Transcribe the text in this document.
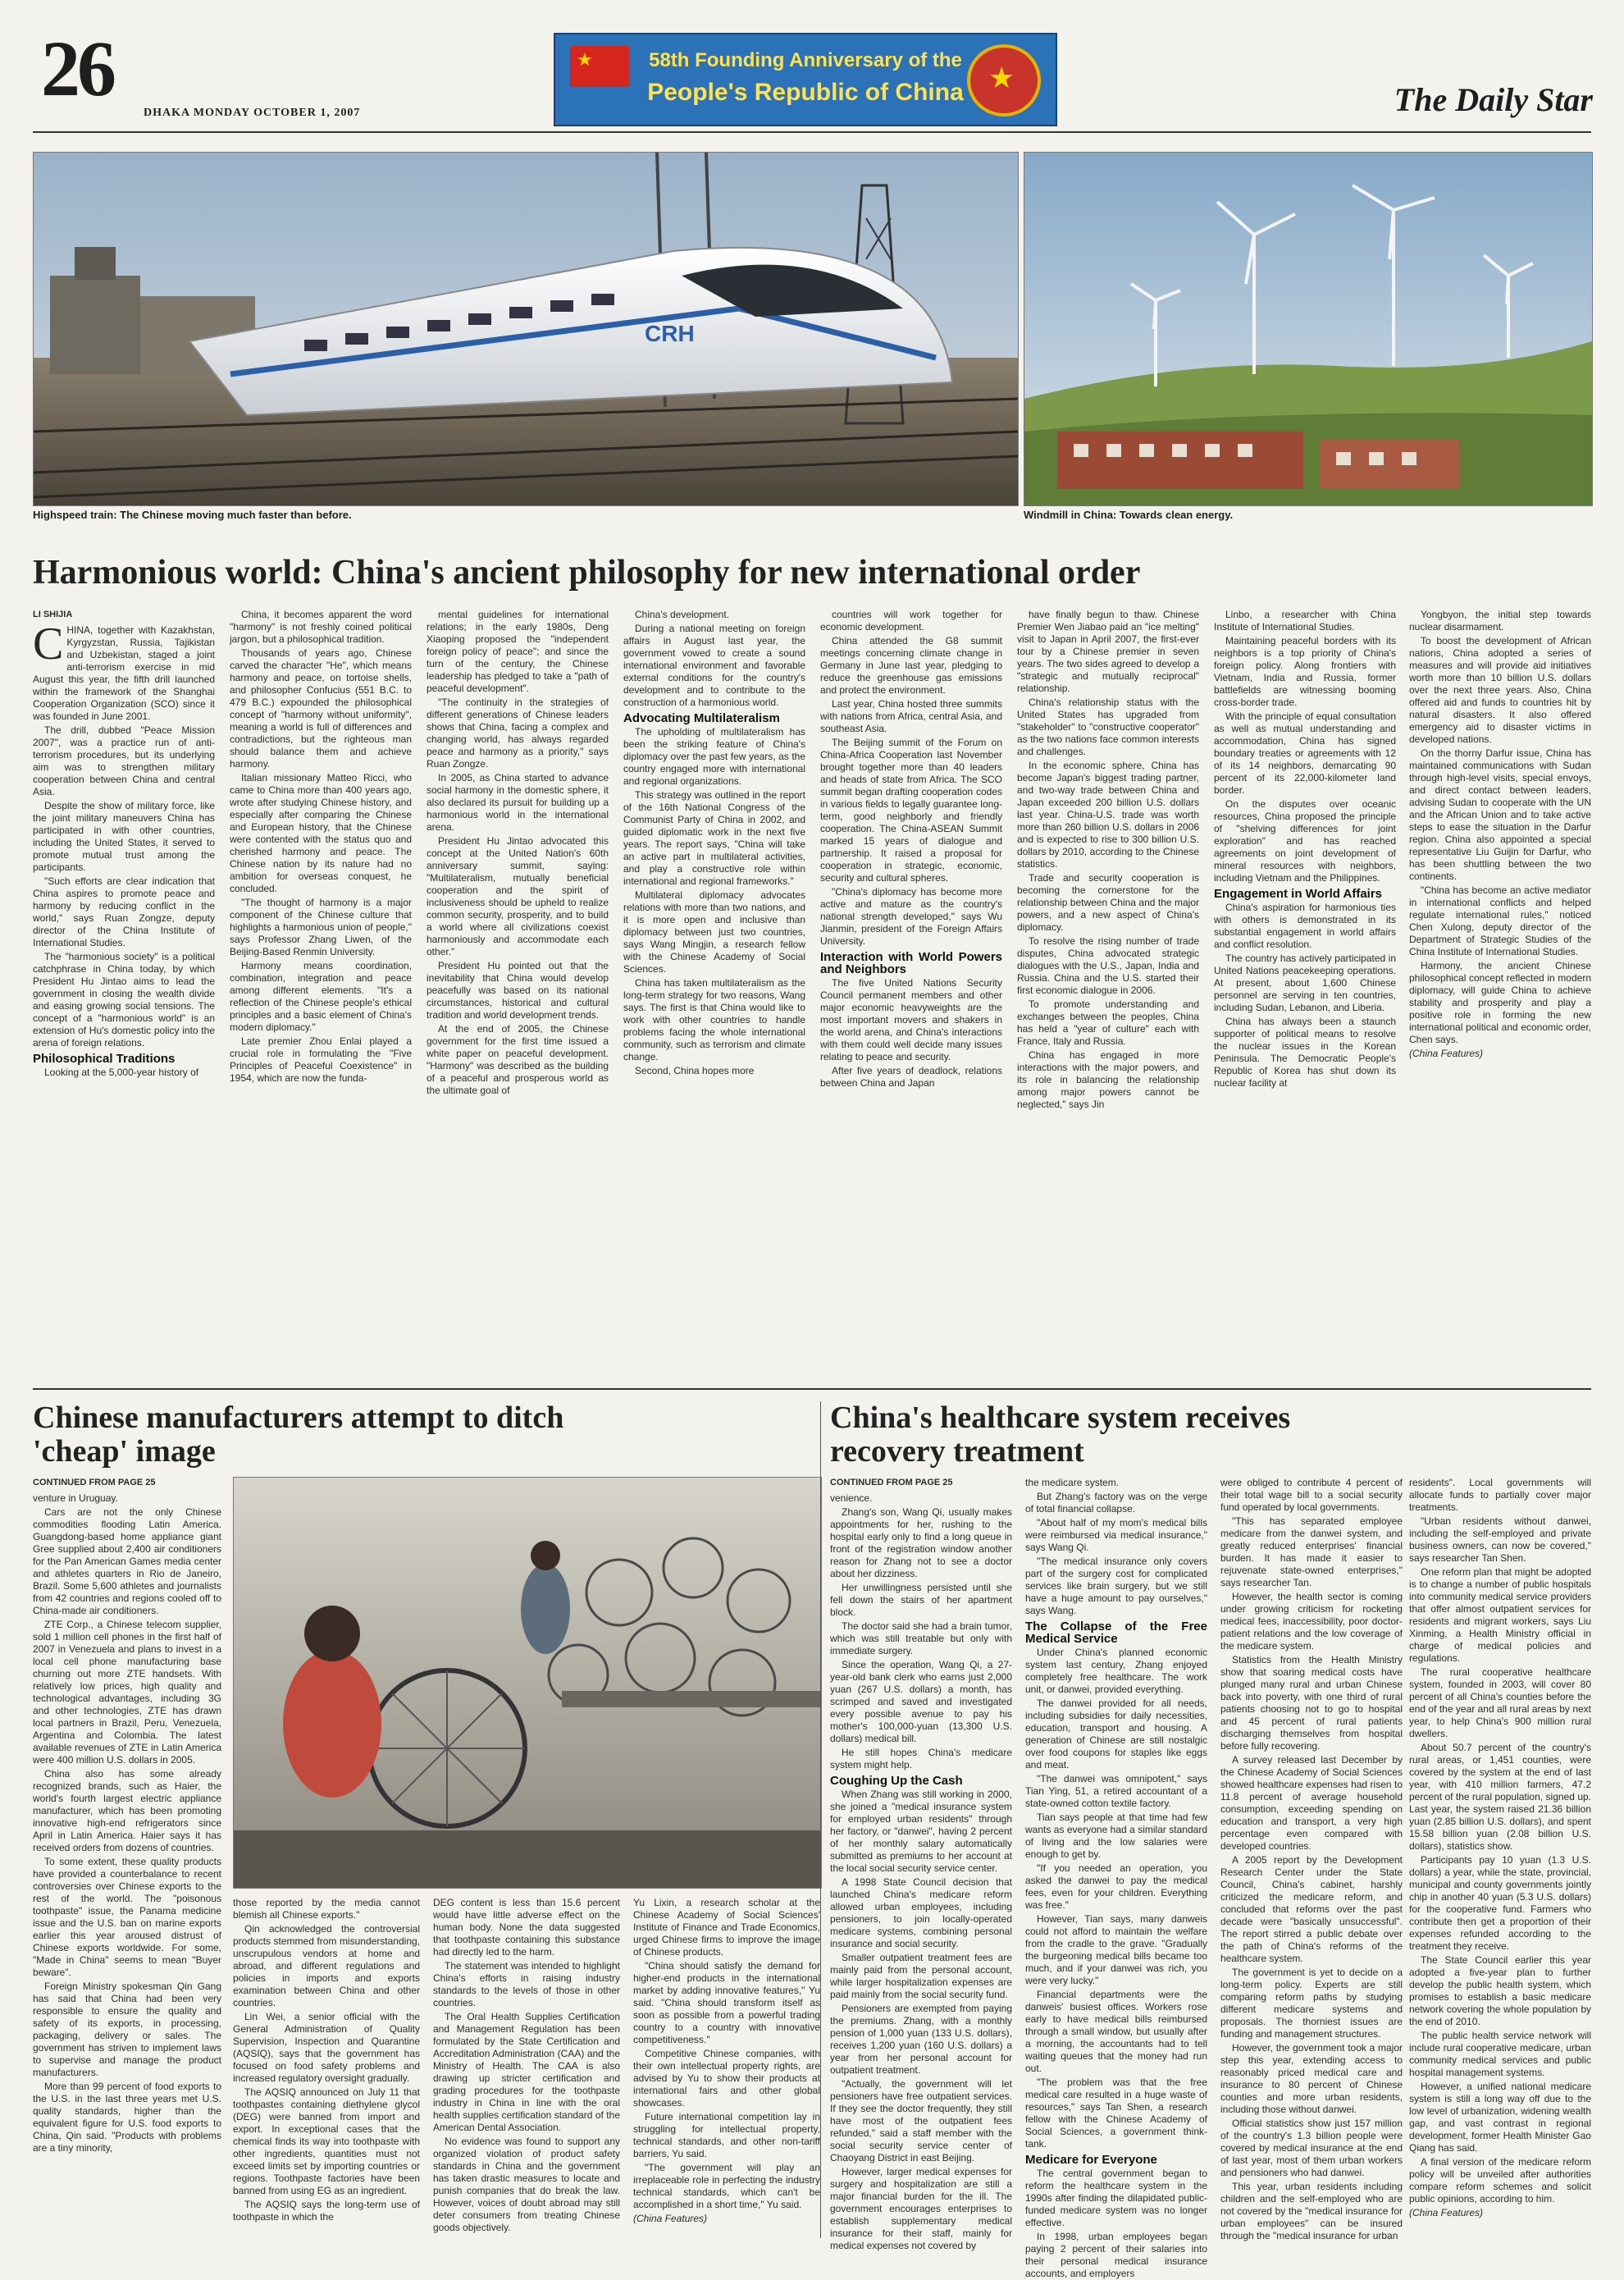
26
DHAKA MONDAY OCTOBER 1, 2007
★	58th Founding Anniversary of the
People's Republic of China ★
The Daily Star
CRH
Highspeed train: The Chinese moving much faster than before.	Windmill in China: Towards clean energy.
Harmonious world: China's ancient philosophy for new international order

LI SHIJIA

CHINA, together with Kazakhstan, Kyrgyzstan, Russia, Tajikistan and Uzbekistan, staged a joint anti-terrorism exercise in mid August this year, the fifth drill launched within the framework of the Shanghai Cooperation Organization (SCO) since it was founded in June 2001.

The drill, dubbed "Peace Mission 2007", was a practice run of anti-terrorism procedures, but its underlying aim was to strengthen military cooperation between China and central Asia.

Despite the show of military force, like the joint military maneuvers China has participated in with other countries, including the United States, it served to promote mutual trust among the participants.

"Such efforts are clear indication that China aspires to promote peace and harmony by reducing conflict in the world," says Ruan Zongze, deputy director of the China Institute of International Studies.

The "harmonious society" is a political catchphrase in China today, by which President Hu Jintao aims to lead the government in closing the wealth divide and easing growing social tensions. The concept of a "harmonious world" is an extension of Hu's domestic policy into the arena of foreign relations.

Philosophical Traditions

Looking at the 5,000-year history of

China, it becomes apparent the word "harmony" is not freshly coined political jargon, but a philosophical tradition.

Thousands of years ago, Chinese carved the character "He", which means harmony and peace, on tortoise shells, and philosopher Confucius (551 B.C. to 479 B.C.) expounded the philosophical concept of "harmony without uniformity", meaning a world is full of differences and contradictions, but the righteous man should balance them and achieve harmony.

Italian missionary Matteo Ricci, who came to China more than 400 years ago, wrote after studying Chinese history, and especially after comparing the Chinese and European history, that the Chinese were contented with the status quo and cherished harmony and peace. The Chinese nation by its nature had no ambition for overseas conquest, he concluded.

"The thought of harmony is a major component of the Chinese culture that highlights a harmonious union of people," says Professor Zhang Liwen, of the Beijing-Based Renmin University.

Harmony means coordination, combination, integration and peace among different elements. "It's a reflection of the Chinese people's ethical principles and a basic element of China's modern diplomacy."

Late premier Zhou Enlai played a crucial role in formulating the "Five Principles of Peaceful Coexistence" in 1954, which are now the funda-

mental guidelines for international relations; in the early 1980s, Deng Xiaoping proposed the "independent foreign policy of peace"; and since the turn of the century, the Chinese leadership has pledged to take a "path of peaceful development".

"The continuity in the strategies of different generations of Chinese leaders shows that China, facing a complex and changing world, has always regarded peace and harmony as a priority," says Ruan Zongze.

In 2005, as China started to advance social harmony in the domestic sphere, it also declared its pursuit for building up a harmonious world in the international arena.

President Hu Jintao advocated this concept at the United Nation's 60th anniversary summit, saying: "Multilateralism, mutually beneficial cooperation and the spirit of inclusiveness should be upheld to realize common security, prosperity, and to build a world where all civilizations coexist harmoniously and accommodate each other."

President Hu pointed out that the inevitability that China would develop peacefully was based on its national circumstances, historical and cultural tradition and world development trends.

At the end of 2005, the Chinese government for the first time issued a white paper on peaceful development. "Harmony" was described as the building of a peaceful and prosperous world as the ultimate goal of

China's development.

During a national meeting on foreign affairs in August last year, the government vowed to create a sound international environment and favorable external conditions for the country's development and to contribute to the construction of a harmonious world.

Advocating Multilateralism

The upholding of multilateralism has been the striking feature of China's diplomacy over the past few years, as the country engaged more with international and regional organizations.

This strategy was outlined in the report of the 16th National Congress of the Communist Party of China in 2002, and guided diplomatic work in the next five years. The report says, "China will take an active part in multilateral activities, and play a constructive role within international and regional frameworks."

Multilateral diplomacy advocates relations with more than two nations, and it is more open and inclusive than diplomacy between just two countries, says Wang Mingjin, a research fellow with the Chinese Academy of Social Sciences.

China has taken multilateralism as the long-term strategy for two reasons, Wang says. The first is that China would like to work with other countries to handle problems facing the whole international community, such as terrorism and climate change.

Second, China hopes more

countries will work together for economic development.

China attended the G8 summit meetings concerning climate change in Germany in June last year, pledging to reduce the greenhouse gas emissions and protect the environment.

Last year, China hosted three summits with nations from Africa, central Asia, and southeast Asia.

The Beijing summit of the Forum on China-Africa Cooperation last November brought together more than 40 leaders and heads of state from Africa. The SCO summit began drafting cooperation codes in various fields to legally guarantee long-term, good neighborly and friendly cooperation. The China-ASEAN Summit marked 15 years of dialogue and partnership. It raised a proposal for cooperation in strategic, economic, security and cultural spheres.

"China's diplomacy has become more active and mature as the country's national strength developed," says Wu Jianmin, president of the Foreign Affairs University.

Interaction with World Powers and Neighbors

The five United Nations Security Council permanent members and other major economic heavyweights are the most important movers and shakers in the world arena, and China's interactions with them could well decide many issues relating to peace and security.

After five years of deadlock, relations between China and Japan

have finally begun to thaw. Chinese Premier Wen Jiabao paid an "ice melting" visit to Japan in April 2007, the first-ever tour by a Chinese premier in seven years. The two sides agreed to develop a "strategic and mutually reciprocal" relationship.

China's relationship status with the United States has upgraded from "stakeholder" to "constructive cooperator" as the two nations face common interests and challenges.

In the economic sphere, China has become Japan's biggest trading partner, and two-way trade between China and Japan exceeded 200 billion U.S. dollars last year. China-U.S. trade was worth more than 260 billion U.S. dollars in 2006 and is expected to rise to 300 billion U.S. dollars by 2010, according to the Chinese statistics.

Trade and security cooperation is becoming the cornerstone for the relationship between China and the major powers, and a new aspect of China's diplomacy.

To resolve the rising number of trade disputes, China advocated strategic dialogues with the U.S., Japan, India and Russia. China and the U.S. started their first economic dialogue in 2006.

To promote understanding and exchanges between the peoples, China has held a "year of culture" each with France, Italy and Russia.

China has engaged in more interactions with the major powers, and its role in balancing the relationship among major powers cannot be neglected," says Jin

Linbo, a researcher with China Institute of International Studies.

Maintaining peaceful borders with its neighbors is a top priority of China's foreign policy. Along frontiers with Vietnam, India and Russia, former battlefields are witnessing booming cross-border trade.

With the principle of equal consultation as well as mutual understanding and accommodation, China has signed boundary treaties or agreements with 12 of its 14 neighbors, demarcating 90 percent of its 22,000-kilometer land border.

On the disputes over oceanic resources, China proposed the principle of "shelving differences for joint exploration" and has reached agreements on joint development of mineral resources with neighbors, including Vietnam and the Philippines.

Engagement in World Affairs

China's aspiration for harmonious ties with others is demonstrated in its substantial engagement in world affairs and conflict resolution.

The country has actively participated in United Nations peacekeeping operations. At present, about 1,600 Chinese personnel are serving in ten countries, including Sudan, Lebanon, and Liberia.

China has always been a staunch supporter of political means to resolve the nuclear issues in the Korean Peninsula. The Democratic People's Republic of Korea has shut down its nuclear facility at

Yongbyon, the initial step towards nuclear disarmament.

To boost the development of African nations, China adopted a series of measures and will provide aid initiatives worth more than 10 billion U.S. dollars over the next three years. Also, China offered aid and funds to countries hit by natural disasters. It also offered emergency aid to disaster victims in developed nations.

On the thorny Darfur issue, China has maintained communications with Sudan through high-level visits, special envoys, and direct contact between leaders, advising Sudan to cooperate with the UN and the African Union and to take active steps to ease the situation in the Darfur region. China also appointed a special representative Liu Guijin for Darfur, who has been shuttling between the two continents.

"China has become an active mediator in international conflicts and helped regulate international rules," noticed Chen Xulong, deputy director of the Department of Strategic Studies of the China Institute of International Studies.

Harmony, the ancient Chinese philosophical concept reflected in modern diplomacy, will guide China to achieve stability and prosperity and play a positive role in forming the new international political and economic order, Chen says.

(China Features)

Chinese manufacturers attempt to ditch
'cheap' image

CONTINUED FROM PAGE 25

venture in Uruguay.

Cars are not the only Chinese commodities flooding Latin America. Guangdong-based home appliance giant Gree supplied about 2,400 air conditioners for the Pan American Games media center and athletes quarters in Rio de Janeiro, Brazil. Some 5,600 athletes and journalists from 42 countries and regions cooled off to China-made air conditioners.

ZTE Corp., a Chinese telecom supplier, sold 1 million cell phones in the first half of 2007 in Venezuela and plans to invest in a local cell phone manufacturing base churning out more ZTE handsets. With relatively low prices, high quality and technological advantages, including 3G and other technologies, ZTE has drawn local partners in Brazil, Peru, Venezuela, Argentina and Colombia. The latest available revenues of ZTE in Latin America were 400 million U.S. dollars in 2005.

China also has some already recognized brands, such as Haier, the world's fourth largest electric appliance manufacturer, which has been promoting innovative high-end refrigerators since April in Latin America. Haier says it has received orders from dozens of countries.

To some extent, these quality products have provided a counterbalance to recent controversies over Chinese exports to the rest of the world. The "poisonous toothpaste" issue, the Panama medicine issue and the U.S. ban on marine exports earlier this year aroused distrust of Chinese exports worldwide. For some, "Made in China" seems to mean "Buyer beware".

Foreign Ministry spokesman Qin Gang has said that China had been very responsible to ensure the quality and safety of its exports, in processing, packaging, delivery or sales. The government has striven to implement laws to supervise and manage the product manufacturers.

More than 99 percent of food exports to the U.S. in the last three years met U.S. quality standards, higher than the equivalent figure for U.S. food exports to China, Qin said. "Products with problems are a tiny minority,

those reported by the media cannot blemish all Chinese exports."

Qin acknowledged the controversial products stemmed from misunderstanding, unscrupulous vendors at home and abroad, and different regulations and policies in imports and exports examination between China and other countries.

Lin Wei, a senior official with the General Administration of Quality Supervision, Inspection and Quarantine (AQSIQ), says that the government has focused on food safety problems and increased regulatory oversight gradually.

The AQSIQ announced on July 11 that toothpastes containing diethylene glycol (DEG) were banned from import and export. In exceptional cases that the chemical finds its way into toothpaste with other ingredients, quantities must not exceed limits set by importing countries or regions. Toothpaste factories have been banned from using EG as an ingredient.

The AQSIQ says the long-term use of toothpaste in which the

DEG content is less than 15.6 percent would have little adverse effect on the human body. None the data suggested that toothpaste containing this substance had directly led to the harm.

The statement was intended to highlight China's efforts in raising industry standards to the levels of those in other countries.

The Oral Health Supplies Certification and Management Regulation has been formulated by the State Certification and Accreditation Administration (CAA) and the Ministry of Health. The CAA is also drawing up stricter certification and grading procedures for the toothpaste industry in China in line with the oral health supplies certification standard of the American Dental Association.

No evidence was found to support any organized violation of product safety standards in China and the government has taken drastic measures to locate and punish companies that do break the law. However, voices of doubt abroad may still deter consumers from treating Chinese goods objectively.

Yu Lixin, a research scholar at the Chinese Academy of Social Sciences' Institute of Finance and Trade Economics, urged Chinese firms to improve the image of Chinese products.

"China should satisfy the demand for higher-end products in the international market by adding innovative features," Yu said. "China should transform itself as soon as possible from a powerful trading country to a country with innovative competitiveness."

Competitive Chinese companies, with their own intellectual property rights, are advised by Yu to show their products at international fairs and other global showcases.

Future international competition lay in struggling for intellectual property, technical standards, and other non-tariff barriers, Yu said.

"The government will play an irreplaceable role in perfecting the industry technical standards, which can't be accomplished in a short time," Yu said.

(China Features)

China's healthcare system receives
recovery treatment

CONTINUED FROM PAGE 25

venience.

Zhang's son, Wang Qi, usually makes appointments for her, rushing to the hospital early only to find a long queue in front of the registration window another reason for Zhang not to see a doctor about her dizziness.

Her unwillingness persisted until she fell down the stairs of her apartment block.

The doctor said she had a brain tumor, which was still treatable but only with immediate surgery.

Since the operation, Wang Qi, a 27-year-old bank clerk who earns just 2,000 yuan (267 U.S. dollars) a month, has scrimped and saved and investigated every possible avenue to pay his mother's 100,000-yuan (13,300 U.S. dollars) medical bill.

He still hopes China's medicare system might help.

Coughing Up the Cash

When Zhang was still working in 2000, she joined a "medical insurance system for employed urban residents" through her factory, or "danwei", having 2 percent of her monthly salary automatically submitted as premiums to her account at the local social security service center.

A 1998 State Council decision that launched China's medicare reform allowed urban employees, including pensioners, to join locally-operated medicare systems, combining personal insurance and social security.

Smaller outpatient treatment fees are mainly paid from the personal account, while larger hospitalization expenses are paid mainly from the social security fund.

Pensioners are exempted from paying the premiums. Zhang, with a monthly pension of 1,000 yuan (133 U.S. dollars), receives 1,200 yuan (160 U.S. dollars) a year from her personal account for outpatient treatment.

"Actually, the government will let pensioners have free outpatient services. If they see the doctor frequently, they still have most of the outpatient fees refunded," said a staff member with the social security service center of Chaoyang District in east Beijing.

However, larger medical expenses for surgery and hospitalization are still a major financial burden for the ill. The government encourages enterprises to establish supplementary medical insurance for their staff, mainly for medical expenses not covered by

the medicare system.

But Zhang's factory was on the verge of total financial collapse.

"About half of my mom's medical bills were reimbursed via medical insurance," says Wang Qi.

"The medical insurance only covers part of the surgery cost for complicated services like brain surgery, but we still have a huge amount to pay ourselves," says Wang.

The Collapse of the Free Medical Service

Under China's planned economic system last century, Zhang enjoyed completely free healthcare. The work unit, or danwei, provided everything.

The danwei provided for all needs, including subsidies for daily necessities, education, transport and housing. A generation of Chinese are still nostalgic over food coupons for staples like eggs and meat.

"The danwei was omnipotent," says Tian Ying, 51, a retired accountant of a state-owned cotton textile factory.

Tian says people at that time had few wants as everyone had a similar standard of living and the low salaries were enough to get by.

"If you needed an operation, you asked the danwei to pay the medical fees, even for your children. Everything was free."

However, Tian says, many danweis could not afford to maintain the welfare from the cradle to the grave. "Gradually the burgeoning medical bills became too much, and if your danwei was rich, you were very lucky."

Financial departments were the danweis' busiest offices. Workers rose early to have medical bills reimbursed through a small window, but usually after a morning, the accountants had to tell waiting queues that the money had run out.

"The problem was that the free medical care resulted in a huge waste of resources," says Tan Shen, a research fellow with the Chinese Academy of Social Sciences, a government think-tank.

Medicare for Everyone

The central government began to reform the healthcare system in the 1990s after finding the dilapidated public-funded medicare system was no longer effective.

In 1998, urban employees began paying 2 percent of their salaries into their personal medical insurance accounts, and employers

were obliged to contribute 4 percent of their total wage bill to a social security fund operated by local governments.

"This has separated employee medicare from the danwei system, and greatly reduced enterprises' financial burden. It has made it easier to rejuvenate state-owned enterprises," says researcher Tan.

However, the health sector is coming under growing criticism for rocketing medical fees, inaccessibility, poor doctor-patient relations and the low coverage of the medicare system.

Statistics from the Health Ministry show that soaring medical costs have plunged many rural and urban Chinese back into poverty, with one third of rural patients choosing not to go to hospital and 45 percent of rural patients discharging themselves from hospital before fully recovering.

A survey released last December by the Chinese Academy of Social Sciences showed healthcare expenses had risen to 11.8 percent of average household consumption, exceeding spending on education and transport, a very high percentage even compared with developed countries.

A 2005 report by the Development Research Center under the State Council, China's cabinet, harshly criticized the medicare reform, and concluded that reforms over the past decade were "basically unsuccessful". The report stirred a public debate over the path of China's reforms of the healthcare system.

The government is yet to decide on a long-term policy. Experts are still comparing reform paths by studying different medicare systems and proposals. The thorniest issues are funding and management structures.

However, the government took a major step this year, extending access to reasonably priced medical care and insurance to 80 percent of Chinese counties and more urban residents, including those without danwei.

Official statistics show just 157 million of the country's 1.3 billion people were covered by medical insurance at the end of last year, most of them urban workers and pensioners who had danwei.

This year, urban residents including children and the self-employed who are not covered by the "medical insurance for urban employees" can be insured through the "medical insurance for urban

residents". Local governments will allocate funds to partially cover major treatments.

"Urban residents without danwei, including the self-employed and private business owners, can now be covered," says researcher Tan Shen.

One reform plan that might be adopted is to change a number of public hospitals into community medical service providers that offer almost outpatient services for residents and migrant workers, says Liu Xinming, a Health Ministry official in charge of medical policies and regulations.

The rural cooperative healthcare system, founded in 2003, will cover 80 percent of all China's counties before the end of the year and all rural areas by next year, to help China's 900 million rural dwellers.

About 50.7 percent of the country's rural areas, or 1,451 counties, were covered by the system at the end of last year, with 410 million farmers, 47.2 percent of the rural population, signed up. Last year, the system raised 21.36 billion yuan (2.85 billion U.S. dollars), and spent 15.58 billion yuan (2.08 billion U.S. dollars), statistics show.

Participants pay 10 yuan (1.3 U.S. dollars) a year, while the state, provincial, municipal and county governments jointly chip in another 40 yuan (5.3 U.S. dollars) for the cooperative fund. Farmers who contribute then get a proportion of their expenses refunded according to the treatment they receive.

The State Council earlier this year adopted a five-year plan to further develop the public health system, which promises to establish a basic medicare network covering the whole population by the end of 2010.

The public health service network will include rural cooperative medicare, urban community medical services and public hospital management systems.

However, a unified national medicare system is still a long way off due to the low level of urbanization, widening wealth gap, and vast contrast in regional development, former Health Minister Gao Qiang has said.

A final version of the medicare reform policy will be unveiled after authorities compare reform schemes and solicit public opinions, according to him.

(China Features)
